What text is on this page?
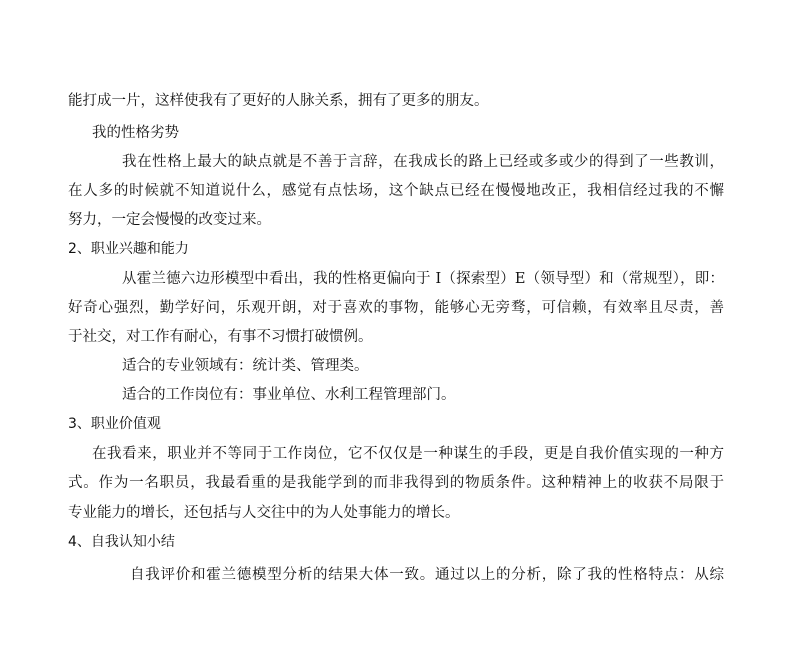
能打成一片，这样使我有了更好的人脉关系，拥有了更多的朋友。
我的性格劣势
我在性格上最大的缺点就是不善于言辞，在我成长的路上已经或多或少的得到了一些教训，
在人多的时候就不知道说什么，感觉有点怯场，这个缺点已经在慢慢地改正，我相信经过我的不懈
努力，一定会慢慢的改变过来。
2、职业兴趣和能力
从霍兰德六边形模型中看出，我的性格更偏向于 I（探索型）E（领导型）和（常规型），即：
好奇心强烈，勤学好问，乐观开朗，对于喜欢的事物，能够心无旁骛，可信赖，有效率且尽责，善
于社交，对工作有耐心，有事不习惯打破惯例。
适合的专业领域有：统计类、管理类。
适合的工作岗位有：事业单位、水利工程管理部门。
3、职业价值观
在我看来，职业并不等同于工作岗位，它不仅仅是一种谋生的手段，更是自我价值实现的一种方
式。作为一名职员，我最看重的是我能学到的而非我得到的物质条件。这种精神上的收获不局限于
专业能力的增长，还包括与人交往中的为人处事能力的增长。
4、自我认知小结
自我评价和霍兰德模型分析的结果大体一致。通过以上的分析，除了我的性格特点：从综
